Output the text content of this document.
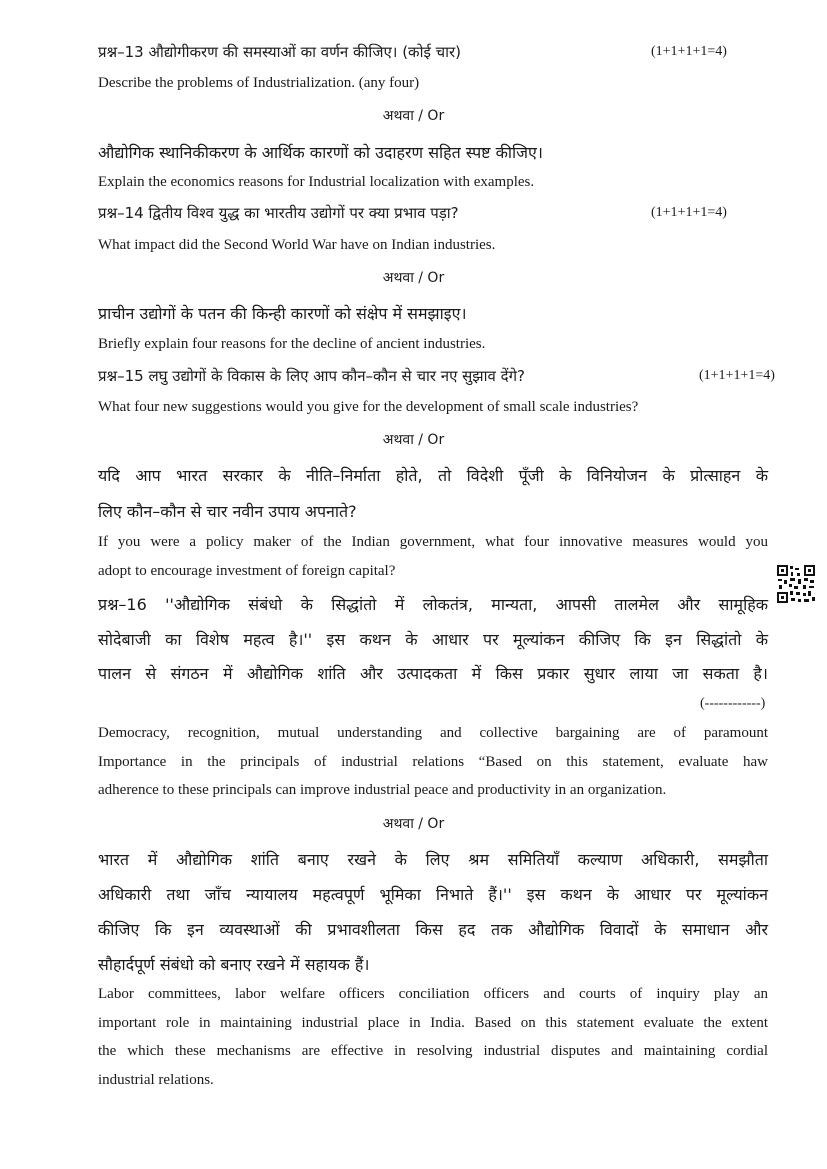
प्रश्न–13 औद्योगीकरण की समस्याओं का वर्णन कीजिए। (कोई चार)	(1+1+1+1=4)
Describe the problems of Industrialization. (any four)
अथवा / Or
औद्योगिक स्थानिकीकरण के आर्थिक कारणों को उदाहरण सहित स्पष्ट कीजिए।
Explain the economics reasons for Industrial localization with examples.
प्रश्न–14 द्वितीय विश्व युद्ध का भारतीय उद्योगों पर क्या प्रभाव पड़ा?	(1+1+1+1=4)
What impact did the Second World War have on Indian industries.
अथवा / Or
प्राचीन उद्योगों के पतन की किन्ही कारणों को संक्षेप में समझाइए।
Briefly explain four reasons for the decline of ancient industries.
प्रश्न–15 लघु उद्योगों के विकास के लिए आप कौन–कौन से चार नए सुझाव देंगे?	(1+1+1+1=4)
What four new suggestions would you give for the development of small scale industries?
अथवा / Or
यदि आप भारत सरकार के नीति–निर्माता होते, तो विदेशी पूँजी के विनियोजन के प्रोत्साहन के
लिए कौन–कौन से चार नवीन उपाय अपनाते?
If you were a policy maker of the Indian government, what four innovative measures would you
adopt to encourage investment of foreign capital?
प्रश्न–16 ''औद्योगिक संबंधो के सिद्धांतो में लोकतंत्र, मान्यता, आपसी तालमेल और सामूहिक
सोदेबाजी का विशेष महत्व है।'' इस कथन के आधार पर मूल्यांकन कीजिए कि इन सिद्धांतो के
पालन से संगठन में औद्योगिक शांति और उत्पादकता में किस प्रकार सुधार लाया जा सकता है।
(------------)
Democracy, recognition, mutual understanding and collective bargaining are of paramount
Importance in the principals of industrial relations “Based on this statement, evaluate haw
adherence to these principals can improve industrial peace and productivity in an organization.
अथवा / Or
भारत में औद्योगिक शांति बनाए रखने के लिए श्रम समितियाँ कल्याण अधिकारी, समझौता
अधिकारी तथा जाँच न्यायालय महत्वपूर्ण भूमिका निभाते हैं।'' इस कथन के आधार पर मूल्यांकन
कीजिए कि इन व्यवस्थाओं की प्रभावशीलता किस हद तक औद्योगिक विवादों के समाधान और
सौहार्दपूर्ण संबंधो को बनाए रखने में सहायक हैं।
Labor committees, labor welfare officers conciliation officers and courts of inquiry play an
important role in maintaining industrial place in India. Based on this statement evaluate the extent
the which these mechanisms are effective in resolving industrial disputes and maintaining cordial
industrial relations.
